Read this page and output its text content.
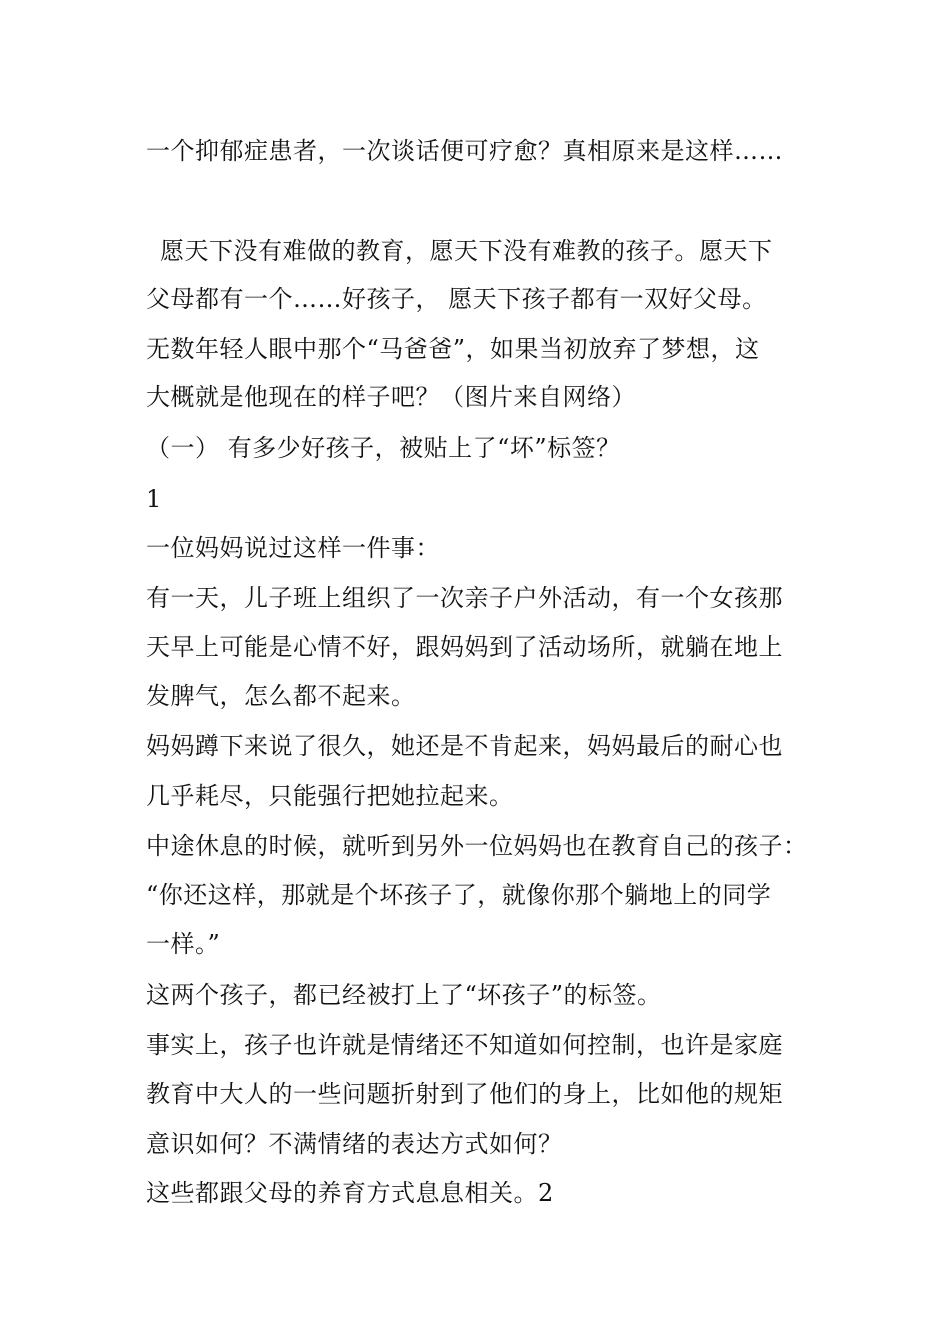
一个抑郁症患者，一次谈话便可疗愈？真相原来是这样……
愿天下没有难做的教育，愿天下没有难教的孩子。愿天下
父母都有一个……好孩子， 愿天下孩子都有一双好父母。
无数年轻人眼中那个“马爸爸”，如果当初放弃了梦想，这
大概就是他现在的样子吧？（图片来自网络）
（一） 有多少好孩子，被贴上了“坏”标签？
1
一位妈妈说过这样一件事：
有一天，儿子班上组织了一次亲子户外活动，有一个女孩那
天早上可能是心情不好，跟妈妈到了活动场所，就躺在地上
发脾气，怎么都不起来。
妈妈蹲下来说了很久，她还是不肯起来，妈妈最后的耐心也
几乎耗尽，只能强行把她拉起来。
中途休息的时候，就听到另外一位妈妈也在教育自己的孩子：
“你还这样，那就是个坏孩子了，就像你那个躺地上的同学
一样。”
这两个孩子，都已经被打上了“坏孩子”的标签。
事实上，孩子也许就是情绪还不知道如何控制，也许是家庭
教育中大人的一些问题折射到了他们的身上，比如他的规矩
意识如何？不满情绪的表达方式如何？
这些都跟父母的养育方式息息相关。2
